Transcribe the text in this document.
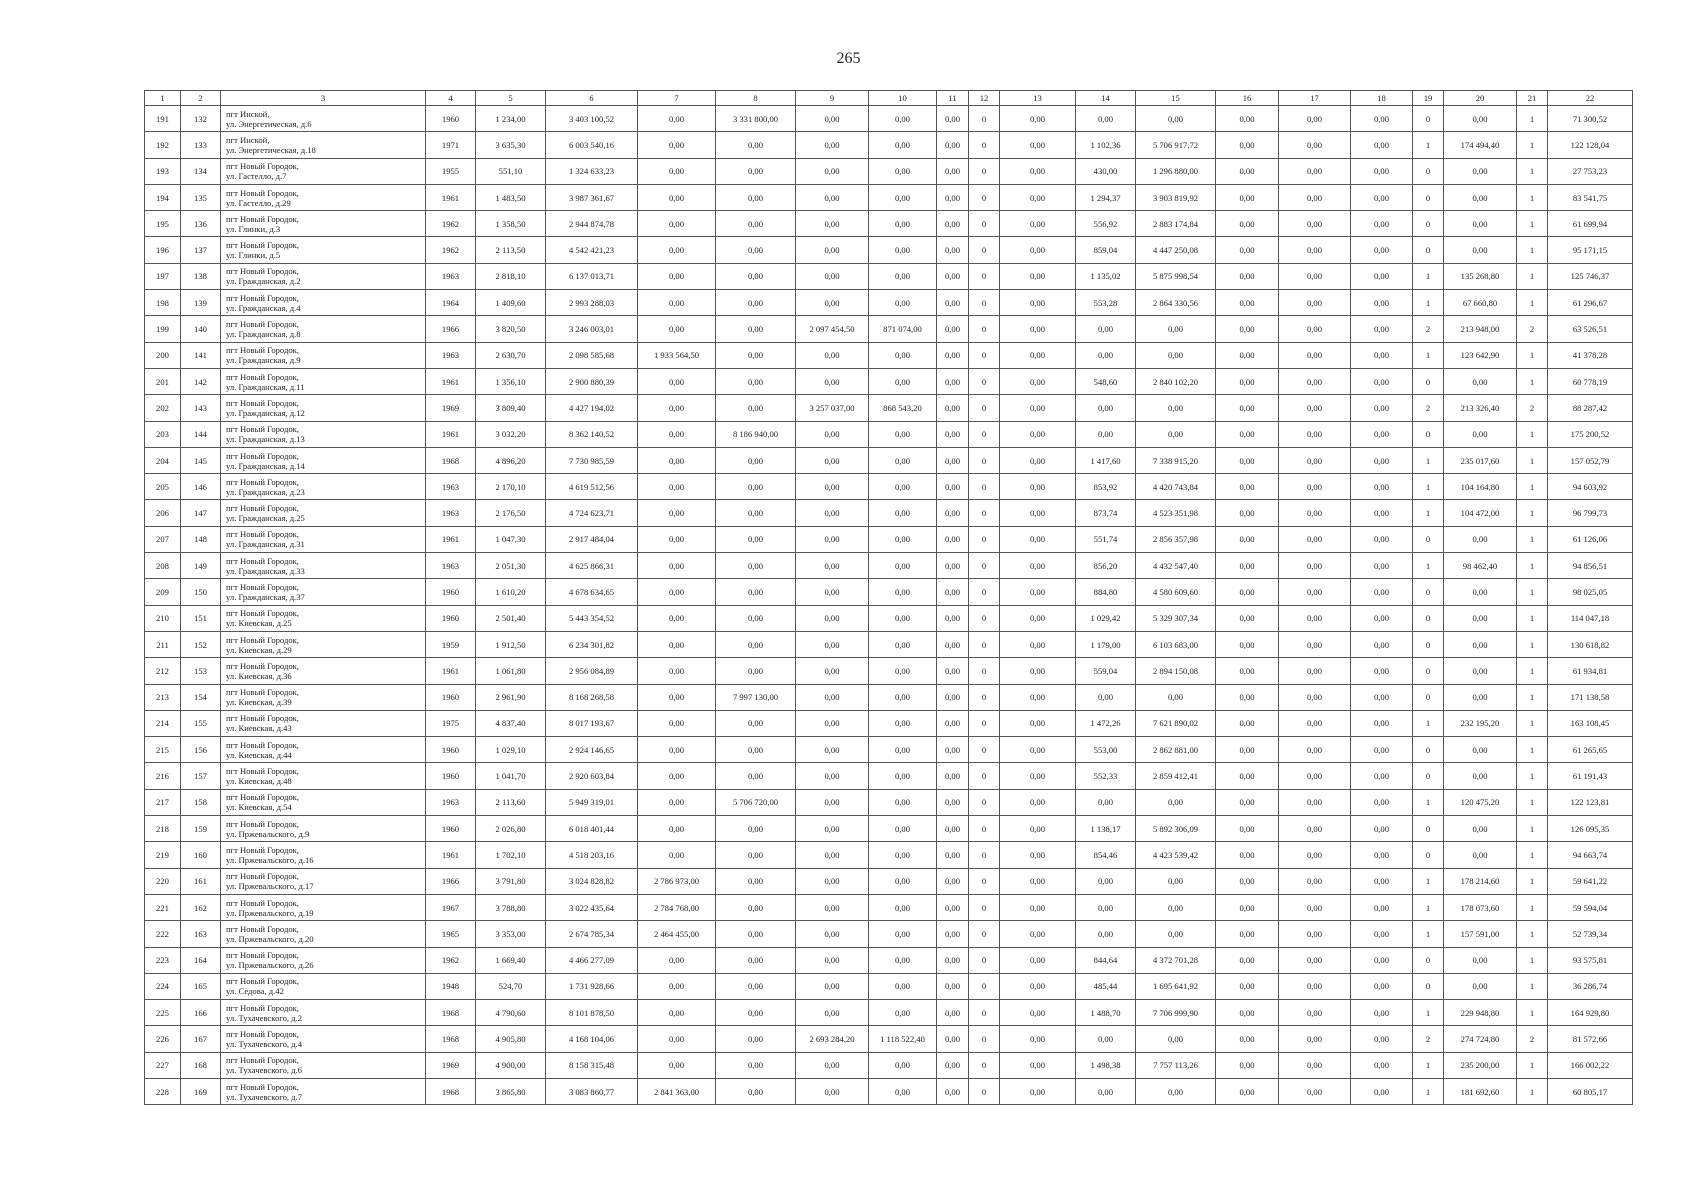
265
1	2	3	4	5	6	7	8	9	10	11	12	13	14	15	16	17	18	19	20	21	22
191	132	пгт Инской,
ул. Энергетическая, д.6	1960	1 234,00	3 403 100,52	0,00	3 331 800,00	0,00	0,00	0,00	0	0,00	0,00	0,00	0,00	0,00	0,00	0	0,00	1	71 300,52
192	133	пгт Инской,
ул. Энергетическая, д.18	1971	3 635,30	6 003 540,16	0,00	0,00	0,00	0,00	0,00	0	0,00	1 102,36	5 706 917,72	0,00	0,00	0,00	1	174 494,40	1	122 128,04
193	134	пгт Новый Городок,
ул. Гастелло, д.7	1955	551,10	1 324 633,23	0,00	0,00	0,00	0,00	0,00	0	0,00	430,00	1 296 880,00	0,00	0,00	0,00	0	0,00	1	27 753,23
194	135	пгт Новый Городок,
ул. Гастелло, д.29	1961	1 483,50	3 987 361,67	0,00	0,00	0,00	0,00	0,00	0	0,00	1 294,37	3 903 819,92	0,00	0,00	0,00	0	0,00	1	83 541,75
195	136	пгт Новый Городок,
ул. Глинки, д.3	1962	1 358,50	2 944 874,78	0,00	0,00	0,00	0,00	0,00	0	0,00	556,92	2 883 174,84	0,00	0,00	0,00	0	0,00	1	61 699,94
196	137	пгт Новый Городок,
ул. Глинки, д.5	1962	2 113,50	4 542 421,23	0,00	0,00	0,00	0,00	0,00	0	0,00	859,04	4 447 250,08	0,00	0,00	0,00	0	0,00	1	95 171,15
197	138	пгт Новый Городок,
ул. Гражданская, д.2	1963	2 818,10	6 137 013,71	0,00	0,00	0,00	0,00	0,00	0	0,00	1 135,02	5 875 998,54	0,00	0,00	0,00	1	135 268,80	1	125 746,37
198	139	пгт Новый Городок,
ул. Гражданская, д.4	1964	1 409,60	2 993 288,03	0,00	0,00	0,00	0,00	0,00	0	0,00	553,28	2 864 330,56	0,00	0,00	0,00	1	67 660,80	1	61 296,67
199	140	пгт Новый Городок,
ул. Гражданская, д.8	1966	3 820,50	3 246 003,01	0,00	0,00	2 097 454,50	871 074,00	0,00	0	0,00	0,00	0,00	0,00	0,00	0,00	2	213 948,00	2	63 526,51
200	141	пгт Новый Городок,
ул. Гражданская, д.9	1963	2 630,70	2 098 585,68	1 933 564,50	0,00	0,00	0,00	0,00	0	0,00	0,00	0,00	0,00	0,00	0,00	1	123 642,90	1	41 378,28
201	142	пгт Новый Городок,
ул. Гражданская, д.11	1961	1 356,10	2 900 880,39	0,00	0,00	0,00	0,00	0,00	0	0,00	548,60	2 840 102,20	0,00	0,00	0,00	0	0,00	1	60 778,19
202	143	пгт Новый Городок,
ул. Гражданская, д.12	1969	3 809,40	4 427 194,02	0,00	0,00	3 257 037,00	868 543,20	0,00	0	0,00	0,00	0,00	0,00	0,00	0,00	2	213 326,40	2	88 287,42
203	144	пгт Новый Городок,
ул. Гражданская, д.13	1961	3 032,20	8 362 140,52	0,00	8 186 940,00	0,00	0,00	0,00	0	0,00	0,00	0,00	0,00	0,00	0,00	0	0,00	1	175 200,52
204	145	пгт Новый Городок,
ул. Гражданская, д.14	1968	4 896,20	7 730 985,59	0,00	0,00	0,00	0,00	0,00	0	0,00	1 417,60	7 338 915,20	0,00	0,00	0,00	1	235 017,60	1	157 052,79
205	146	пгт Новый Городок,
ул. Гражданская, д.23	1963	2 170,10	4 619 512,56	0,00	0,00	0,00	0,00	0,00	0	0,00	853,92	4 420 743,84	0,00	0,00	0,00	1	104 164,80	1	94 603,92
206	147	пгт Новый Городок,
ул. Гражданская, д.25	1963	2 176,50	4 724 623,71	0,00	0,00	0,00	0,00	0,00	0	0,00	873,74	4 523 351,98	0,00	0,00	0,00	1	104 472,00	1	96 799,73
207	148	пгт Новый Городок,
ул. Гражданская, д.31	1961	1 047,30	2 917 484,04	0,00	0,00	0,00	0,00	0,00	0	0,00	551,74	2 856 357,98	0,00	0,00	0,00	0	0,00	1	61 126,06
208	149	пгт Новый Городок,
ул. Гражданская, д.33	1963	2 051,30	4 625 866,31	0,00	0,00	0,00	0,00	0,00	0	0,00	856,20	4 432 547,40	0,00	0,00	0,00	1	98 462,40	1	94 856,51
209	150	пгт Новый Городок,
ул. Гражданская, д.37	1960	1 610,20	4 678 634,65	0,00	0,00	0,00	0,00	0,00	0	0,00	884,80	4 580 609,60	0,00	0,00	0,00	0	0,00	1	98 025,05
210	151	пгт Новый Городок,
ул. Киевская, д.25	1960	2 501,40	5 443 354,52	0,00	0,00	0,00	0,00	0,00	0	0,00	1 029,42	5 329 307,34	0,00	0,00	0,00	0	0,00	1	114 047,18
211	152	пгт Новый Городок,
ул. Киевская, д.29	1959	1 912,50	6 234 301,82	0,00	0,00	0,00	0,00	0,00	0	0,00	1 179,00	6 103 683,00	0,00	0,00	0,00	0	0,00	1	130 618,82
212	153	пгт Новый Городок,
ул. Киевская, д.36	1961	1 061,80	2 956 084,89	0,00	0,00	0,00	0,00	0,00	0	0,00	559,04	2 894 150,08	0,00	0,00	0,00	0	0,00	1	61 934,81
213	154	пгт Новый Городок,
ул. Киевская, д.39	1960	2 961,90	8 168 268,58	0,00	7 997 130,00	0,00	0,00	0,00	0	0,00	0,00	0,00	0,00	0,00	0,00	0	0,00	1	171 138,58
214	155	пгт Новый Городок,
ул. Киевская, д.43	1975	4 837,40	8 017 193,67	0,00	0,00	0,00	0,00	0,00	0	0,00	1 472,26	7 621 890,02	0,00	0,00	0,00	1	232 195,20	1	163 108,45
215	156	пгт Новый Городок,
ул. Киевская, д.44	1960	1 029,10	2 924 146,65	0,00	0,00	0,00	0,00	0,00	0	0,00	553,00	2 862 881,00	0,00	0,00	0,00	0	0,00	1	61 265,65
216	157	пгт Новый Городок,
ул. Киевская, д.48	1960	1 041,70	2 920 603,84	0,00	0,00	0,00	0,00	0,00	0	0,00	552,33	2 859 412,41	0,00	0,00	0,00	0	0,00	1	61 191,43
217	158	пгт Новый Городок,
ул. Киевская, д.54	1963	2 113,60	5 949 319,01	0,00	5 706 720,00	0,00	0,00	0,00	0	0,00	0,00	0,00	0,00	0,00	0,00	1	120 475,20	1	122 123,81
218	159	пгт Новый Городок,
ул. Пржевальского, д.9	1960	2 026,80	6 018 401,44	0,00	0,00	0,00	0,00	0,00	0	0,00	1 138,17	5 892 306,09	0,00	0,00	0,00	0	0,00	1	126 095,35
219	160	пгт Новый Городок,
ул. Пржевальского, д.16	1961	1 702,10	4 518 203,16	0,00	0,00	0,00	0,00	0,00	0	0,00	854,46	4 423 539,42	0,00	0,00	0,00	0	0,00	1	94 663,74
220	161	пгт Новый Городок,
ул. Пржевальского, д.17	1966	3 791,80	3 024 828,82	2 786 973,00	0,00	0,00	0,00	0,00	0	0,00	0,00	0,00	0,00	0,00	0,00	1	178 214,60	1	59 641,22
221	162	пгт Новый Городок,
ул. Пржевальского, д.19	1967	3 788,80	3 022 435,64	2 784 768,00	0,00	0,00	0,00	0,00	0	0,00	0,00	0,00	0,00	0,00	0,00	1	178 073,60	1	59 594,04
222	163	пгт Новый Городок,
ул. Пржевальского, д.20	1965	3 353,00	2 674 785,34	2 464 455,00	0,00	0,00	0,00	0,00	0	0,00	0,00	0,00	0,00	0,00	0,00	1	157 591,00	1	52 739,34
223	164	пгт Новый Городок,
ул. Пржевальского, д.26	1962	1 669,40	4 466 277,09	0,00	0,00	0,00	0,00	0,00	0	0,00	844,64	4 372 701,28	0,00	0,00	0,00	0	0,00	1	93 575,81
224	165	пгт Новый Городок,
ул. Седова, д.42	1948	524,70	1 731 928,66	0,00	0,00	0,00	0,00	0,00	0	0,00	485,44	1 695 641,92	0,00	0,00	0,00	0	0,00	1	36 286,74
225	166	пгт Новый Городок,
ул. Тухачевского, д.2	1968	4 790,60	8 101 878,50	0,00	0,00	0,00	0,00	0,00	0	0,00	1 488,70	7 706 999,90	0,00	0,00	0,00	1	229 948,80	1	164 929,80
226	167	пгт Новый Городок,
ул. Тухачевского, д.4	1968	4 905,80	4 168 104,06	0,00	0,00	2 693 284,20	1 118 522,40	0,00	0	0,00	0,00	0,00	0,00	0,00	0,00	2	274 724,80	2	81 572,66
227	168	пгт Новый Городок,
ул. Тухачевского, д.6	1969	4 900,00	8 158 315,48	0,00	0,00	0,00	0,00	0,00	0	0,00	1 498,38	7 757 113,26	0,00	0,00	0,00	1	235 200,00	1	166 002,22
228	169	пгт Новый Городок,
ул. Тухачевского, д.7	1968	3 865,80	3 083 860,77	2 841 363,00	0,00	0,00	0,00	0,00	0	0,00	0,00	0,00	0,00	0,00	0,00	1	181 692,60	1	60 805,17
